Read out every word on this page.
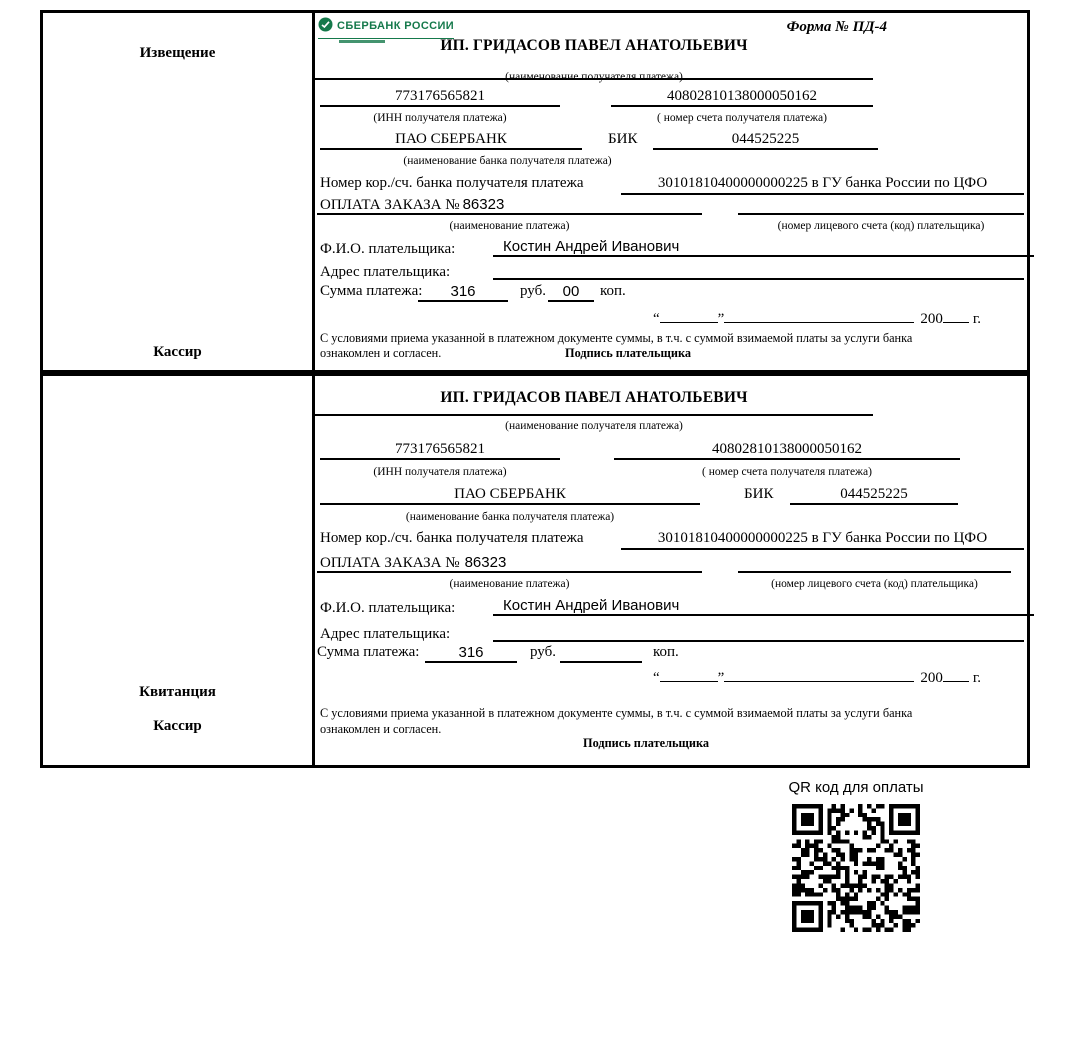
Извещение
Кассир
$^{СБЕРБАНК РОССИИ}$	Форма № ПД-4
ИП. ГРИДАСОВ ПАВЕЛ АНАТОЛЬЕВИЧ
(наименование получателя платежа)
773176565821	40802810138000050162
(ИНН получателя платежа)	( номер счета получателя платежа)
ПАО СБЕРБАНК	БИК	044525225
(наименование банка получателя платежа)
Номер кор./сч. банка получателя платежа	30101810400000000225 в ГУ банка России по ЦФО
ОПЛАТА ЗАКАЗА № 86323
(наименование платежа)	(номер лицевого счета (код) плательщика)
Ф.И.О. плательщика:	Костин Андрей Иванович
Адрес плательщика:
Сумма платежа:	316	руб.	00	коп.
“	”	200 г.
С условиями приема указанной в платежном документе суммы, в т.ч. с суммой взимаемой платы за услуги банка
ознакомлен и согласен.	Подпись плательщика
Квитанция
Кассир
ИП. ГРИДАСОВ ПАВЕЛ АНАТОЛЬЕВИЧ
(наименование получателя платежа)
773176565821	40802810138000050162
(ИНН получателя платежа)	( номер счета получателя платежа)
ПАО СБЕРБАНК	БИК	044525225
(наименование банка получателя платежа)
Номер кор./сч. банка получателя платежа	30101810400000000225 в ГУ банка России по ЦФО
ОПЛАТА ЗАКАЗА № 86323
(наименование платежа)	(номер лицевого счета (код) плательщика)
Ф.И.О. плательщика:	Костин Андрей Иванович
Адрес плательщика:
Сумма платежа:	316	руб.	коп.
“	”	200 г.
С условиями приема указанной в платежном документе суммы, в т.ч. с суммой взимаемой платы за услуги банка
ознакомлен и согласен.
Подпись плательщика
QR код для оплаты
